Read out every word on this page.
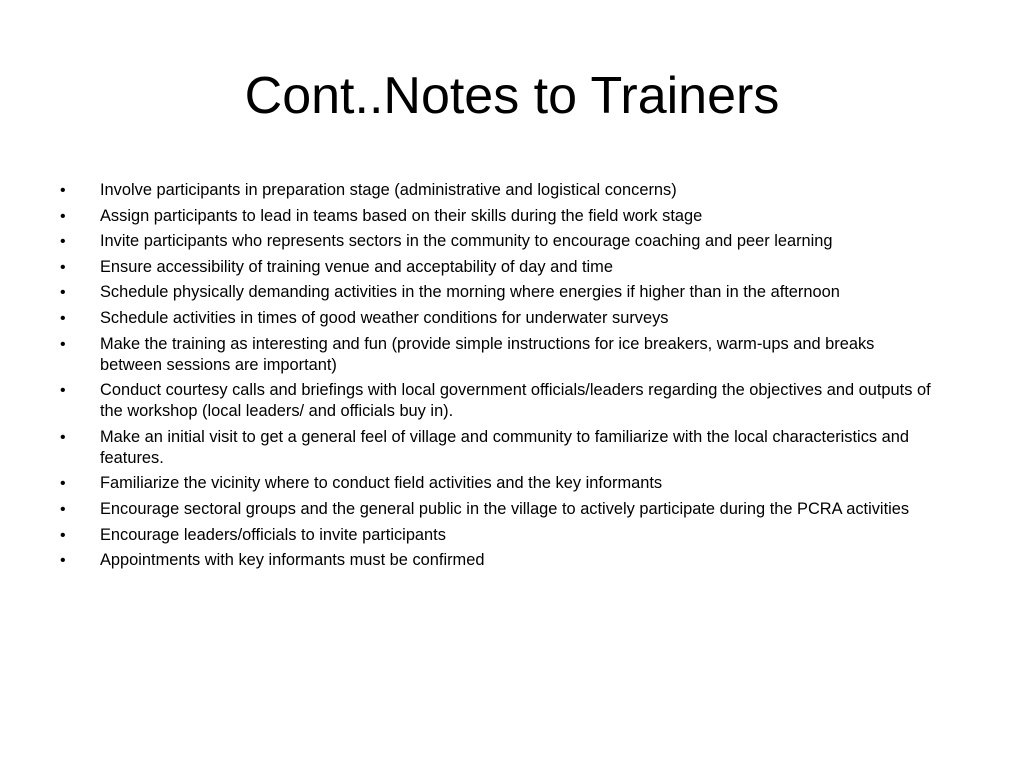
Cont..Notes to Trainers
•	Involve participants in preparation stage (administrative and logistical concerns)
•	Assign participants to lead in teams based on their skills during the field work stage
•	Invite participants who represents sectors in the community to encourage coaching and peer learning
•	Ensure accessibility of training venue and acceptability of day and time
•	Schedule physically demanding activities in the morning where energies if higher than in the afternoon
•	Schedule activities in times of good weather conditions for underwater surveys
•	Make the training as interesting and fun (provide simple instructions for ice breakers, warm-ups and breaks between sessions are important)
•	Conduct courtesy calls and briefings with local government officials/leaders regarding the objectives and outputs of the workshop (local leaders/ and officials buy in).
•	Make an initial visit to get a general feel of village and community to familiarize with the local characteristics and features.
•	Familiarize the vicinity where to conduct field activities and the key informants
•	Encourage sectoral groups and the general public in the village to actively participate during the PCRA activities
•	Encourage leaders/officials to invite participants
•	Appointments with key informants must be confirmed
